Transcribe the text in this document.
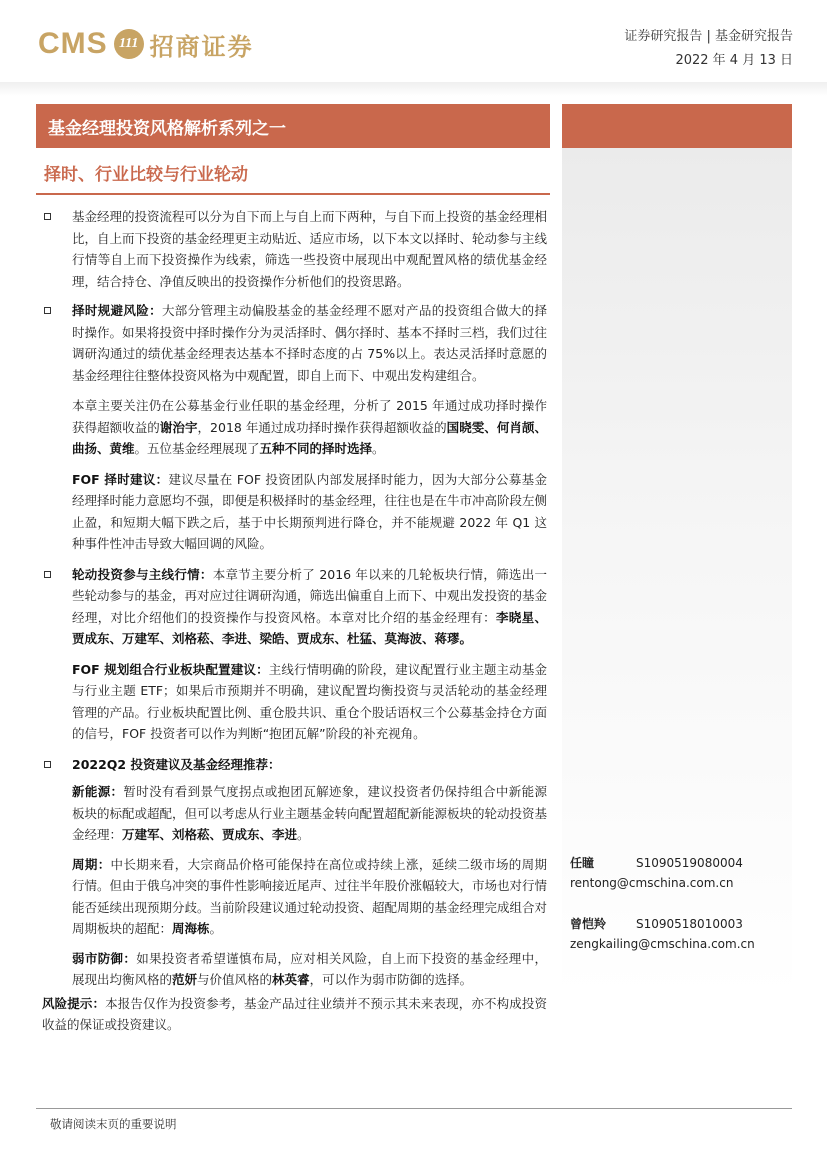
CMS 111 招商证券	证券研究报告 | 基金研究报告
2022 年 4 月 13 日
基金经理投资风格解析系列之一
择时、行业比较与行业轮动

基金经理的投资流程可以分为自下而上与自上而下两种，与自下而上投资的基金经理相比，自上而下投资的基金经理更主动贴近、适应市场，以下本文以择时、轮动参与主线行情等自上而下投资操作为线索，筛选一些投资中展现出中观配置风格的绩优基金经理，结合持仓、净值反映出的投资操作分析他们的投资思路。

择时规避风险：大部分管理主动偏股基金的基金经理不愿对产品的投资组合做大的择时操作。如果将投资中择时操作分为灵活择时、偶尔择时、基本不择时三档，我们过往调研沟通过的绩优基金经理表达基本不择时态度的占 75%以上。表达灵活择时意愿的基金经理往往整体投资风格为中观配置，即自上而下、中观出发构建组合。

本章主要关注仍在公募基金行业任职的基金经理，分析了 2015 年通过成功择时操作获得超额收益的谢治宇，2018 年通过成功择时操作获得超额收益的国晓雯、何肖颉、曲扬、黄维。五位基金经理展现了五种不同的择时选择。

FOF 择时建议：建议尽量在 FOF 投资团队内部发展择时能力，因为大部分公募基金经理择时能力意愿均不强，即便是积极择时的基金经理，往往也是在牛市冲高阶段左侧止盈，和短期大幅下跌之后，基于中长期预判进行降仓，并不能规避 2022 年 Q1 这种事件性冲击导致大幅回调的风险。

轮动投资参与主线行情：本章节主要分析了 2016 年以来的几轮板块行情，筛选出一些轮动参与的基金，再对应过往调研沟通，筛选出偏重自上而下、中观出发投资的基金经理，对比介绍他们的投资操作与投资风格。本章对比介绍的基金经理有：李晓星、贾成东、万建军、刘格菘、李进、梁皓、贾成东、杜猛、莫海波、蒋璆。

FOF 规划组合行业板块配置建议：主线行情明确的阶段，建议配置行业主题主动基金与行业主题 ETF；如果后市预期并不明确，建议配置均衡投资与灵活轮动的基金经理管理的产品。行业板块配置比例、重仓股共识、重仓个股话语权三个公募基金持仓方面的信号，FOF 投资者可以作为判断“抱团瓦解”阶段的补充视角。

2022Q2 投资建议及基金经理推荐：

新能源：暂时没有看到景气度拐点或抱团瓦解迹象，建议投资者仍保持组合中新能源板块的标配或超配，但可以考虑从行业主题基金转向配置超配新能源板块的轮动投资基金经理：万建军、刘格菘、贾成东、李进。

周期：中长期来看，大宗商品价格可能保持在高位或持续上涨，延续二级市场的周期行情。但由于俄乌冲突的事件性影响接近尾声、过往半年股价涨幅较大，市场也对行情能否延续出现预期分歧。当前阶段建议通过轮动投资、超配周期的基金经理完成组合对周期板块的超配：周海栋。

弱市防御：如果投资者希望谨慎布局，应对相关风险，自上而下投资的基金经理中，展现出均衡风格的范妍与价值风格的林英睿，可以作为弱市防御的选择。

风险提示：本报告仅作为投资参考，基金产品过往业绩并不预示其未来表现，亦不构成投资收益的保证或投资建议。

任瞳	S1090519080004
rentong@cmschina.com.cn
曾恺羚 S1090518010003
zengkailing@cmschina.com.cn
敬请阅读末页的重要说明
